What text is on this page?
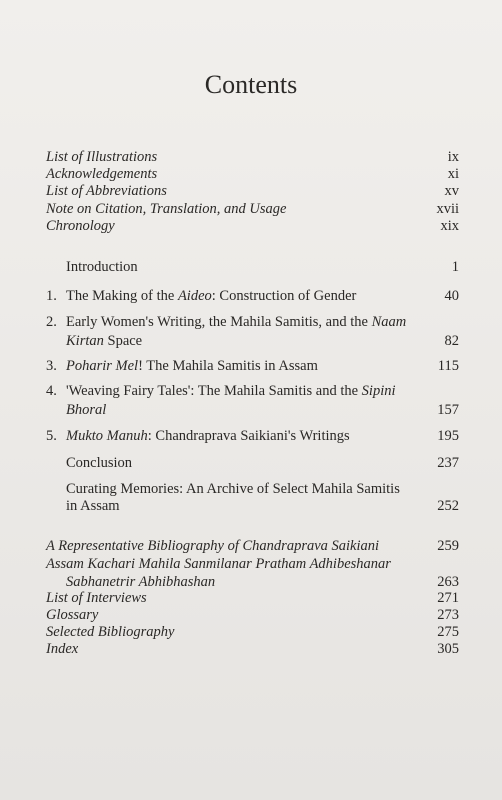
Contents
List of Illustrations	ix
Acknowledgements	xi
List of Abbreviations	xv
Note on Citation, Translation, and Usage	xvii
Chronology	xix
Introduction	1
1. The Making of the Aideo: Construction of Gender	40
2. Early Women's Writing, the Mahila Samitis, and the Naam
Kirtan Space	82
3. Poharir Mel! The Mahila Samitis in Assam	115
4. 'Weaving Fairy Tales': The Mahila Samitis and the Sipini
Bhoral	157
5. Mukto Manuh: Chandraprava Saikiani's Writings	195
Conclusion	237
Curating Memories: An Archive of Select Mahila Samitis
in Assam	252
A Representative Bibliography of Chandraprava Saikiani	259
Assam Kachari Mahila Sanmilanar Pratham Adhibeshanar
Sabhanetrir Abhibhashan	263
List of Interviews	271
Glossary	273
Selected Bibliography	275
Index	305
